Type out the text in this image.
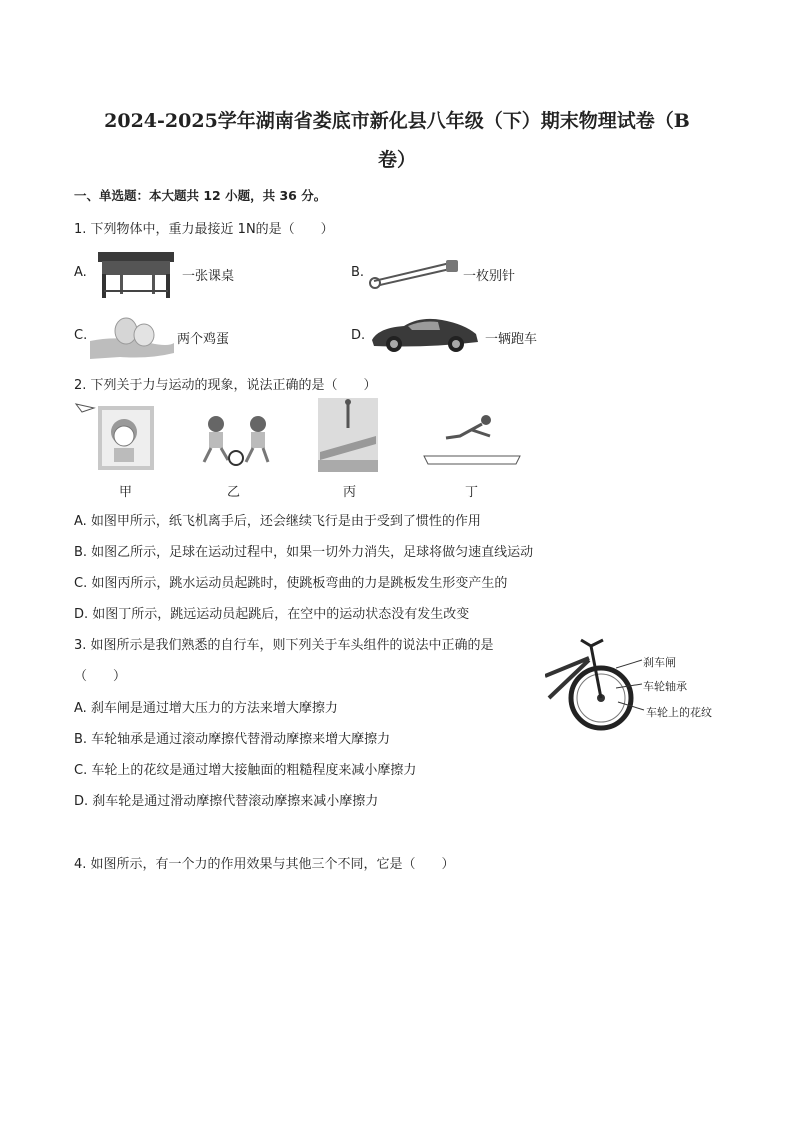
2024-2025学年湖南省娄底市新化县八年级（下）期末物理试卷（B
卷）
一、单选题：本大题共 12 小题，共 36 分。
1. 下列物体中，重力最接近 1N的是（　　）
A.	一张课桌	B.	一枚别针
C.	两个鸡蛋	D.	一辆跑车
2. 下列关于力与运动的现象，说法正确的是（　　）
甲	乙	丙	丁
A. 如图甲所示，纸飞机离手后，还会继续飞行是由于受到了惯性的作用
B. 如图乙所示，足球在运动过程中，如果一切外力消失，足球将做匀速直线运动
C. 如图丙所示，跳水运动员起跳时，使跳板弯曲的力是跳板发生形变产生的
D. 如图丁所示，跳远运动员起跳后，在空中的运动状态没有发生改变
3. 如图所示是我们熟悉的自行车，则下列关于车头组件的说法中正确的是
（　　）
刹车闸
车轮轴承
车轮上的花纹
A. 刹车闸是通过增大压力的方法来增大摩擦力
B. 车轮轴承是通过滚动摩擦代替滑动摩擦来增大摩擦力
C. 车轮上的花纹是通过增大接触面的粗糙程度来减小摩擦力
D. 刹车轮是通过滑动摩擦代替滚动摩擦来减小摩擦力
4. 如图所示，有一个力的作用效果与其他三个不同，它是（　　）
